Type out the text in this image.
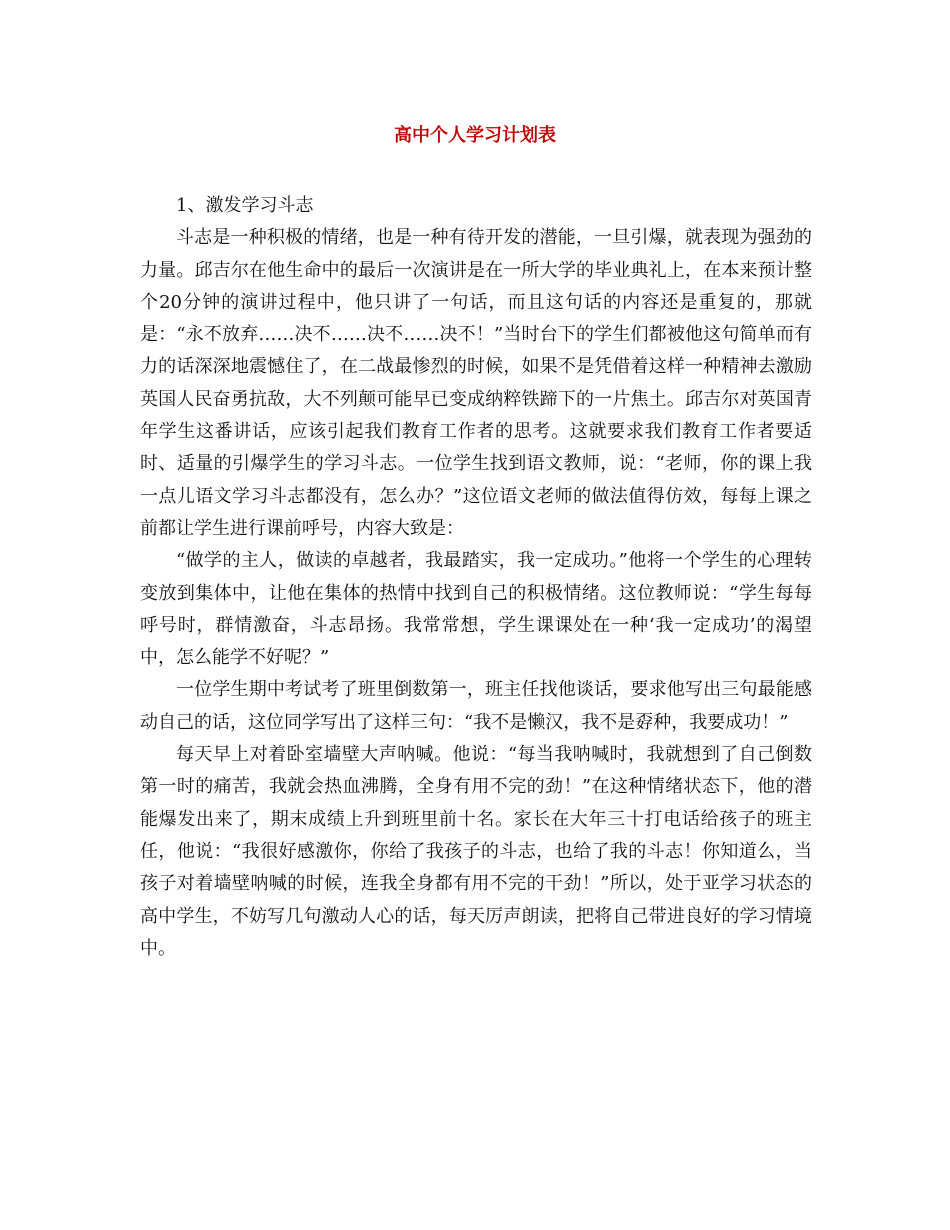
高中个人学习计划表

1、激发学习斗志

斗志是一种积极的情绪，也是一种有待开发的潜能，一旦引爆，就表现为强劲的力量。邱吉尔在他生命中的最后一次演讲是在一所大学的毕业典礼上，在本来预计整个20分钟的演讲过程中，他只讲了一句话，而且这句话的内容还是重复的，那就是：“永不放弃……决不……决不……决不！”当时台下的学生们都被他这句简单而有力的话深深地震憾住了，在二战最惨烈的时候，如果不是凭借着这样一种精神去激励英国人民奋勇抗敌，大不列颠可能早已变成纳粹铁蹄下的一片焦土。邱吉尔对英国青年学生这番讲话，应该引起我们教育工作者的思考。这就要求我们教育工作者要适时、适量的引爆学生的学习斗志。一位学生找到语文教师，说：“老师，你的课上我一点儿语文学习斗志都没有，怎么办？”这位语文老师的做法值得仿效，每每上课之前都让学生进行课前呼号，内容大致是：

“做学的主人，做读的卓越者，我最踏实，我一定成功。”他将一个学生的心理转变放到集体中，让他在集体的热情中找到自己的积极情绪。这位教师说：“学生每每呼号时，群情激奋，斗志昂扬。我常常想，学生课课处在一种‘我一定成功’的渴望中，怎么能学不好呢？”

一位学生期中考试考了班里倒数第一，班主任找他谈话，要求他写出三句最能感动自己的话，这位同学写出了这样三句：“我不是懒汉，我不是孬种，我要成功！”

每天早上对着卧室墙壁大声呐喊。他说：“每当我呐喊时，我就想到了自己倒数第一时的痛苦，我就会热血沸腾，全身有用不完的劲！”在这种情绪状态下，他的潜能爆发出来了，期末成绩上升到班里前十名。家长在大年三十打电话给孩子的班主任，他说：“我很好感激你，你给了我孩子的斗志，也给了我的斗志！你知道么，当孩子对着墙壁呐喊的时候，连我全身都有用不完的干劲！”所以，处于亚学习状态的高中学生，不妨写几句激动人心的话，每天厉声朗读，把将自己带进良好的学习情境中。
